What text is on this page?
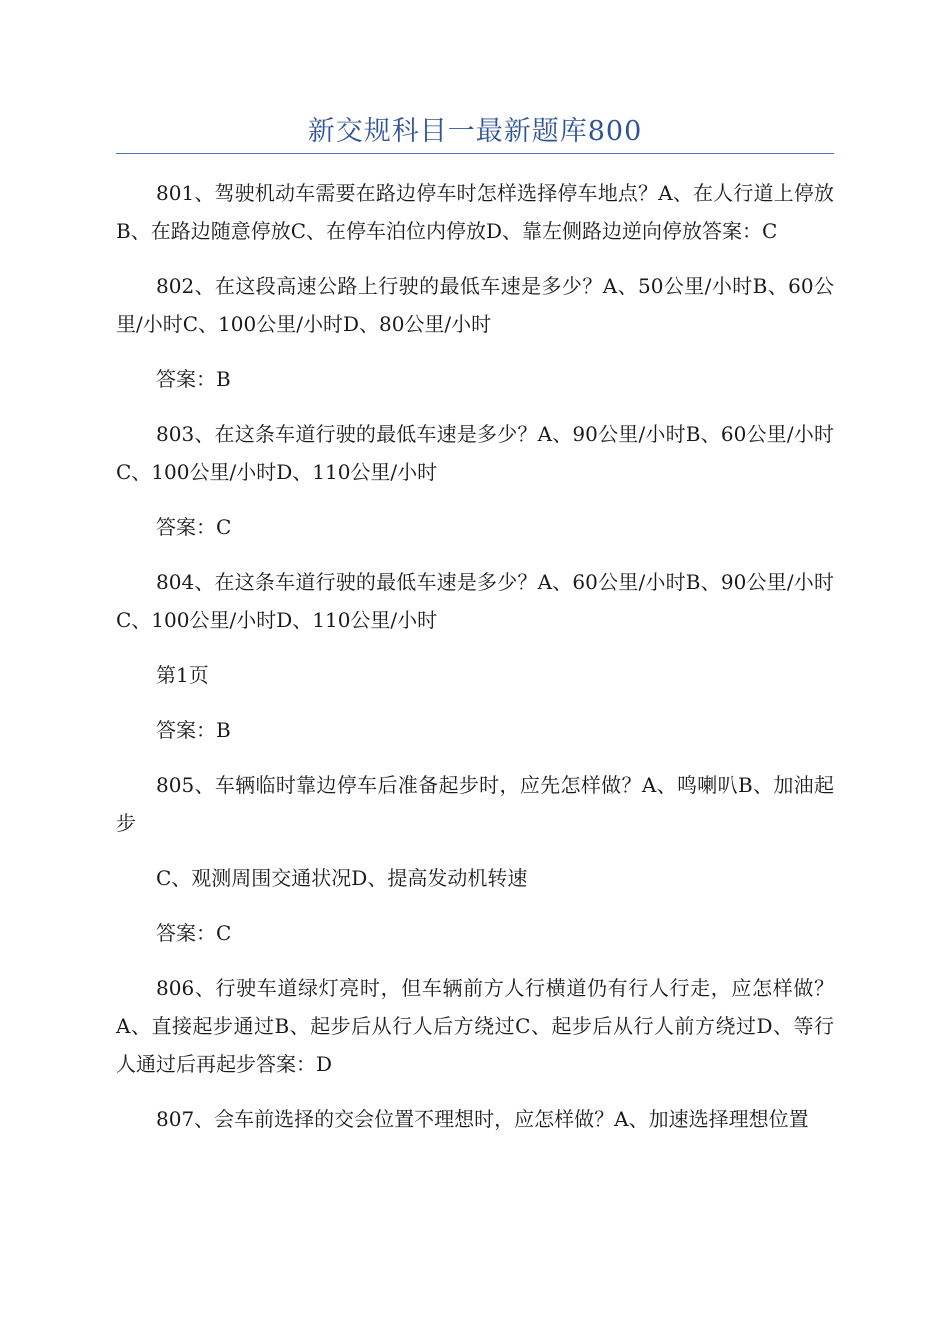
新交规科目一最新题库800

801、驾驶机动车需要在路边停车时怎样选择停车地点？A、在人行道上停放B、在路边随意停放C、在停车泊位内停放D、靠左侧路边逆向停放答案：C

802、在这段高速公路上行驶的最低车速是多少？A、50公里/小时B、60公里/小时C、100公里/小时D、80公里/小时

答案：B

803、在这条车道行驶的最低车速是多少？A、90公里/小时B、60公里/小时C、100公里/小时D、110公里/小时

答案：C

804、在这条车道行驶的最低车速是多少？A、60公里/小时B、90公里/小时C、100公里/小时D、110公里/小时

第1页

答案：B

805、车辆临时靠边停车后准备起步时，应先怎样做？A、鸣喇叭B、加油起步

C、观测周围交通状况D、提高发动机转速

答案：C

806、行驶车道绿灯亮时，但车辆前方人行横道仍有行人行走，应怎样做？A、直接起步通过B、起步后从行人后方绕过C、起步后从行人前方绕过D、等行人通过后再起步答案：D

807、会车前选择的交会位置不理想时，应怎样做？A、加速选择理想位置
